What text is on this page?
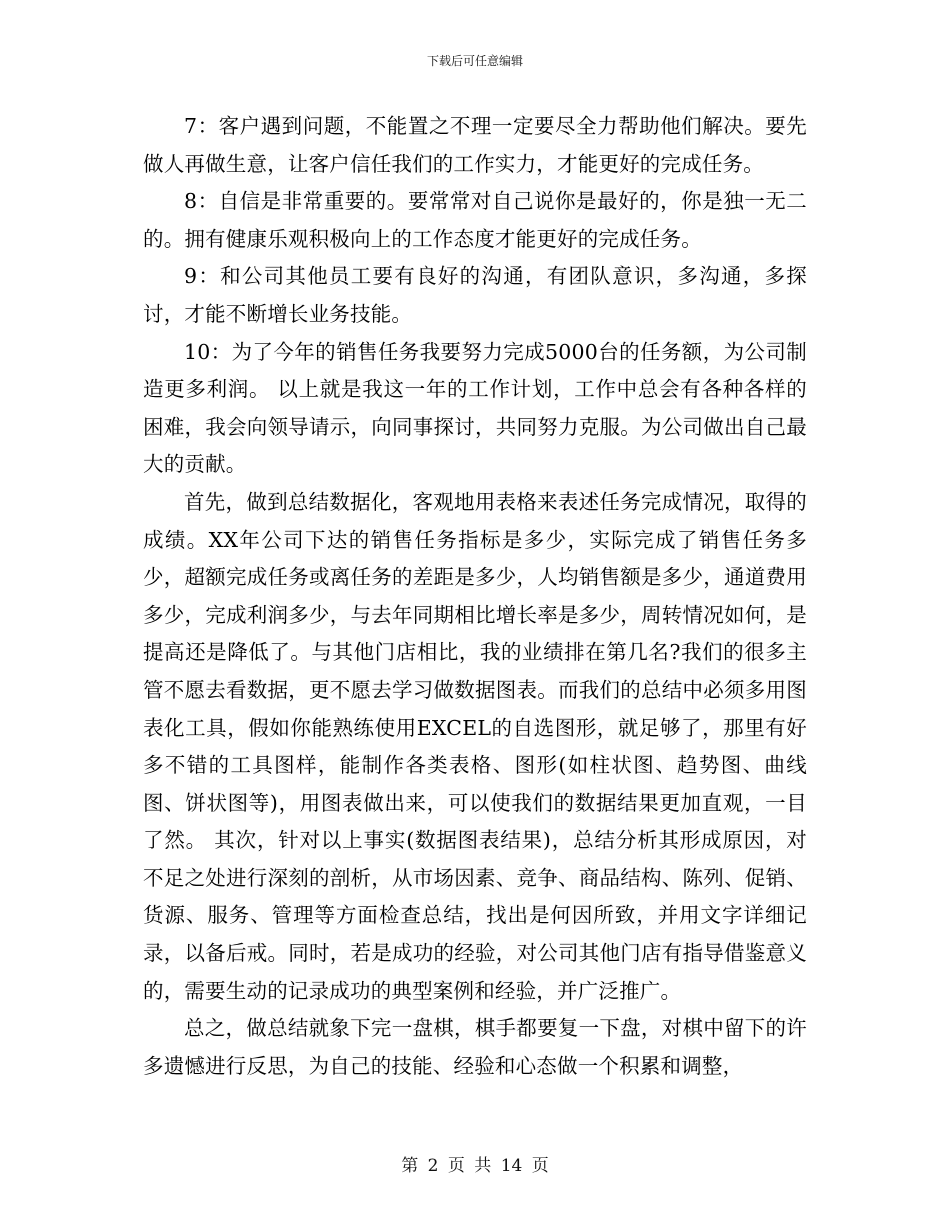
下载后可任意编辑

7：客户遇到问题，不能置之不理一定要尽全力帮助他们解决。要先做人再做生意，让客户信任我们的工作实力，才能更好的完成任务。

8：自信是非常重要的。要常常对自己说你是最好的，你是独一无二的。拥有健康乐观积极向上的工作态度才能更好的完成任务。

9：和公司其他员工要有良好的沟通，有团队意识，多沟通，多探讨，才能不断增长业务技能。

10：为了今年的销售任务我要努力完成5000台的任务额，为公司制造更多利润。 以上就是我这一年的工作计划，工作中总会有各种各样的困难，我会向领导请示，向同事探讨，共同努力克服。为公司做出自己最大的贡献。

首先，做到总结数据化，客观地用表格来表述任务完成情况，取得的成绩。XX年公司下达的销售任务指标是多少，实际完成了销售任务多少，超额完成任务或离任务的差距是多少，人均销售额是多少，通道费用多少，完成利润多少，与去年同期相比增长率是多少，周转情况如何，是提高还是降低了。与其他门店相比，我的业绩排在第几名?我们的很多主管不愿去看数据，更不愿去学习做数据图表。而我们的总结中必须多用图表化工具，假如你能熟练使用EXCEL的自选图形，就足够了，那里有好多不错的工具图样，能制作各类表格、图形(如柱状图、趋势图、曲线图、饼状图等)，用图表做出来，可以使我们的数据结果更加直观，一目了然。 其次，针对以上事实(数据图表结果)，总结分析其形成原因，对不足之处进行深刻的剖析，从市场因素、竞争、商品结构、陈列、促销、货源、服务、管理等方面检查总结，找出是何因所致，并用文字详细记录，以备后戒。同时，若是成功的经验，对公司其他门店有指导借鉴意义的，需要生动的记录成功的典型案例和经验，并广泛推广。

总之，做总结就象下完一盘棋，棋手都要复一下盘，对棋中留下的许多遗憾进行反思，为自己的技能、经验和心态做一个积累和调整，

第 2 页 共 14 页
